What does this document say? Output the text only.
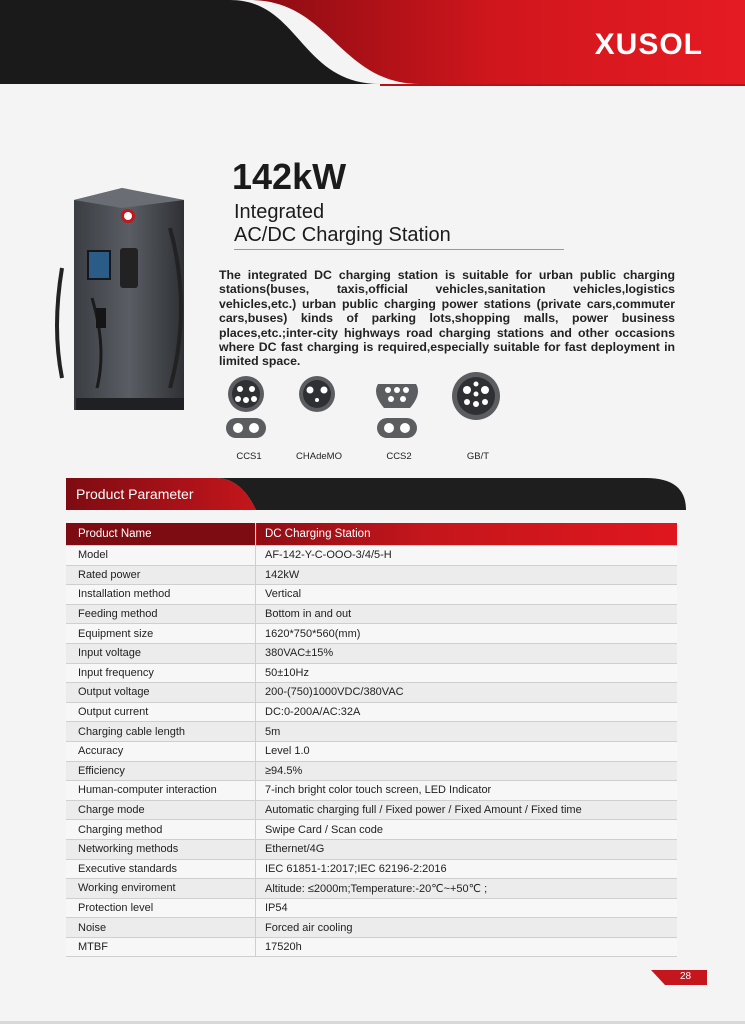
XUSOL
142kW
Integrated
AC/DC Charging Station
The integrated DC charging station is suitable for urban public charging stations(buses, taxis,official vehicles,sanitation vehicles,logistics vehicles,etc.) urban public charging power stations (private cars,commuter cars,buses) kinds of parking lots,shopping malls, power business places,etc.;inter-city highways road charging stations and other occasions where DC fast charging is required,especially suitable for fast deployment in limited space.
CCS1	CHAdeMO	CCS2	GB/T
Product Parameter
Product Name	DC Charging Station
Model	AF-142-Y-C-OOO-3/4/5-H
Rated power	142kW
Installation method	Vertical
Feeding method	Bottom in and out
Equipment size	1620*750*560(mm)
Input voltage	380VAC±15%
Input frequency	50±10Hz
Output voltage	200-(750)1000VDC/380VAC
Output current	DC:0-200A/AC:32A
Charging cable length	5m
Accuracy	Level 1.0
Efficiency	≥94.5%
Human-computer interaction	7-inch bright color touch screen, LED Indicator
Charge mode	Automatic charging full / Fixed power / Fixed Amount / Fixed time
Charging method	Swipe Card / Scan code
Networking methods	Ethernet/4G
Executive standards	IEC 61851-1:2017;IEC 62196-2:2016
Working enviroment	Altitude: ≤2000m;Temperature:-20℃~+50℃ ;
Protection level	IP54
Noise	Forced air cooling
MTBF	17520h
28
